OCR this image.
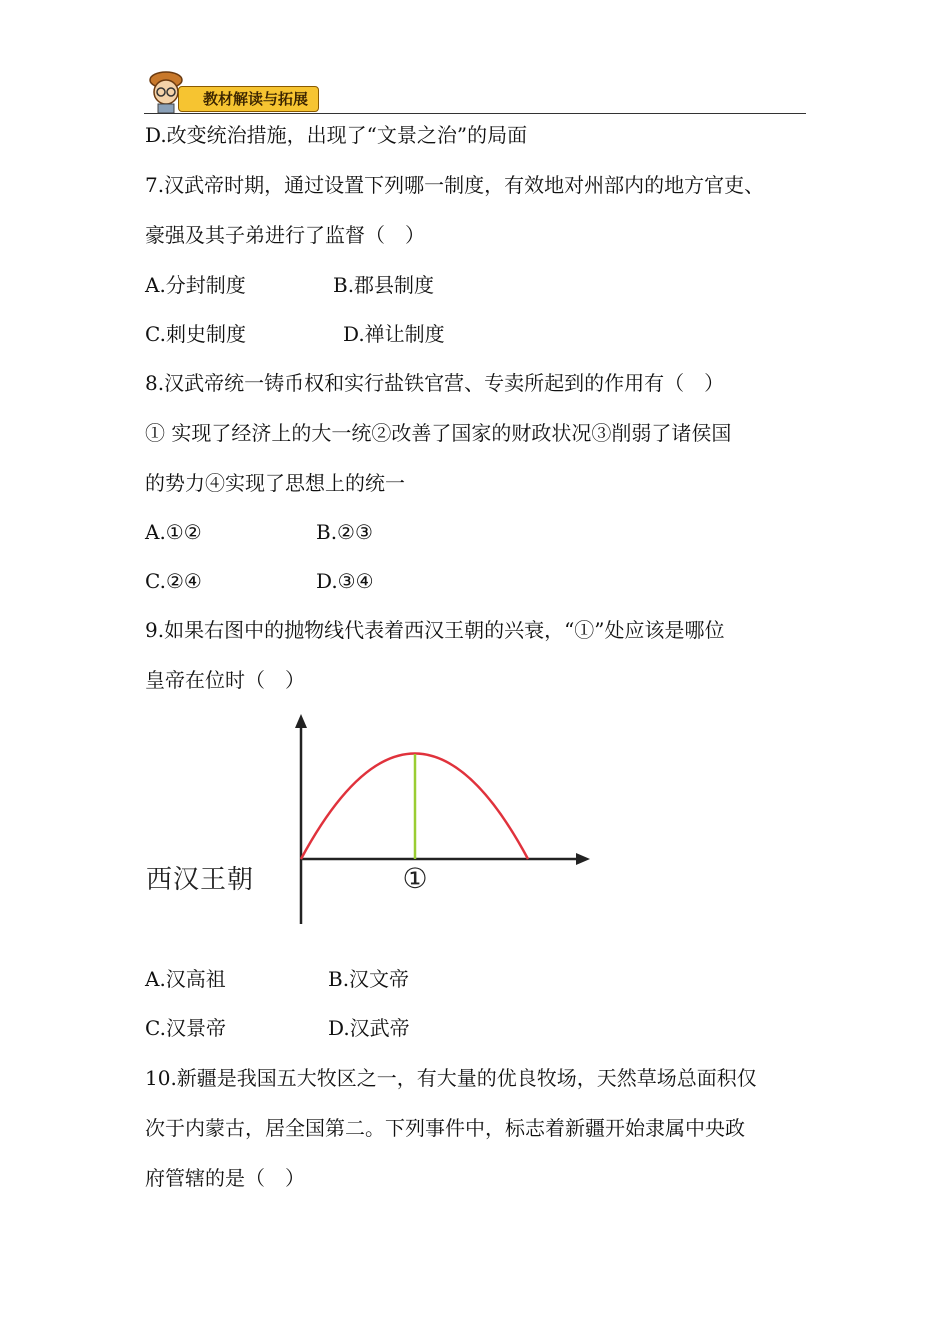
教材解读与拓展
D.改变统治措施，出现了“文景之治”的局面
7.汉武帝时期，通过设置下列哪一制度，有效地对州部内的地方官吏、
豪强及其子弟进行了监督（　）
A.分封制度	B.郡县制度
C.刺史制度	D.禅让制度
8.汉武帝统一铸币权和实行盐铁官营、专卖所起到的作用有（　）
① 实现了经济上的大一统②改善了国家的财政状况③削弱了诸侯国
的势力④实现了思想上的统一
A.①②	B.②③
C.②④	D.③④
9.如果右图中的抛物线代表着西汉王朝的兴衰，“①”处应该是哪位
皇帝在位时（　）
西汉王朝	①
A.汉高祖	B.汉文帝
C.汉景帝	D.汉武帝
10.新疆是我国五大牧区之一，有大量的优良牧场，天然草场总面积仅
次于内蒙古，居全国第二。下列事件中，标志着新疆开始隶属中央政
府管辖的是（　）
